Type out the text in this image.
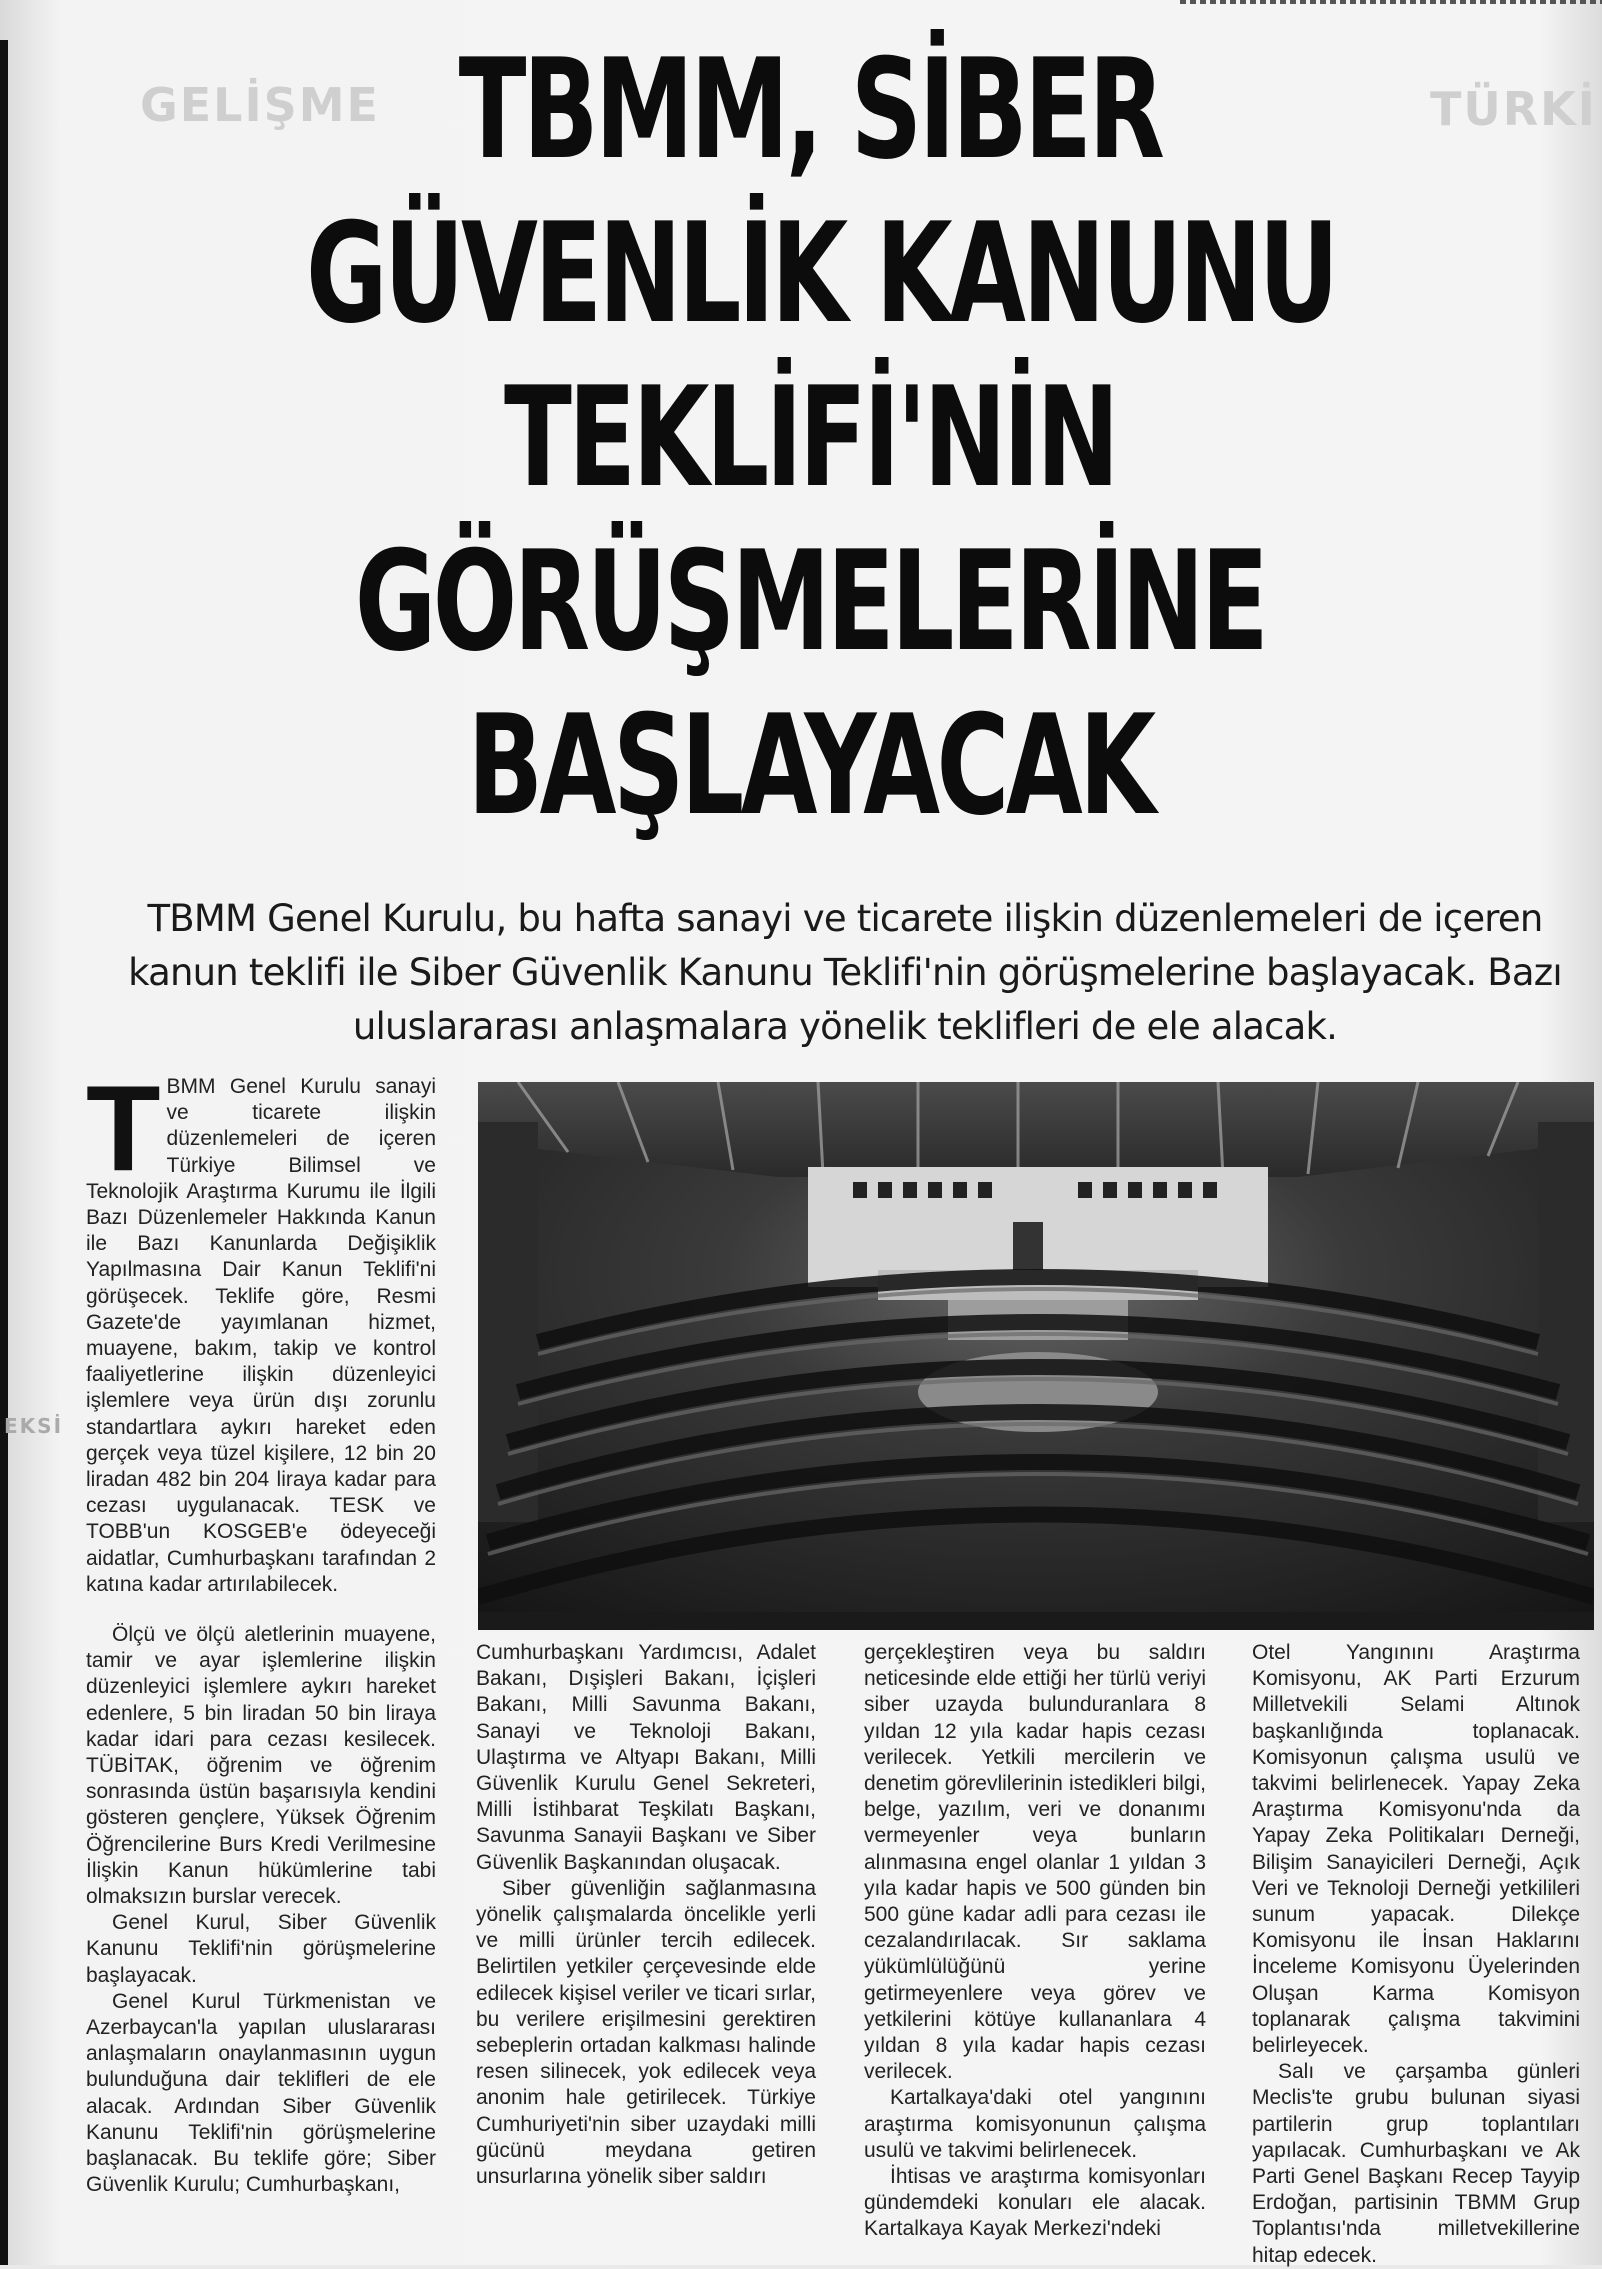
GELİŞME	TÜRKİ
EKSİ
TBMM, SİBER
GÜVENLİK KANUNU
TEKLİFİ'NİN
GÖRÜŞMELERİNE
BAŞLAYACAK

TBMM Genel Kurulu, bu hafta sanayi ve ticarete ilişkin düzenlemeleri de içeren kanun teklifi ile Siber Güvenlik Kanunu Teklifi'nin görüşmelerine başlayacak. Bazı uluslararası anlaşmalara yönelik teklifleri de ele alacak.

TBMM Genel Kurulu sanayi ve ticarete ilişkin düzenlemeleri de içeren Türkiye Bilimsel ve Teknolojik Araştırma Kurumu ile İlgili Bazı Düzenlemeler Hakkında Kanun ile Bazı Kanunlarda Değişiklik Yapılmasına Dair Kanun Teklifi'ni görüşecek. Teklife göre, Resmi Gazete'de yayımlanan hizmet, muayene, bakım, takip ve kontrol faaliyetlerine ilişkin düzenleyici işlemlere veya ürün dışı zorunlu standartlara aykırı hareket eden gerçek veya tüzel kişilere, 12 bin 20 liradan 482 bin 204 liraya kadar para cezası uygulanacak. TESK ve TOBB'un KOSGEB'e ödeyeceği aidatlar, Cumhurbaşkanı tarafından 2 katına kadar artırılabilecek.

Ölçü ve ölçü aletlerinin muayene, tamir ve ayar işlemlerine ilişkin düzenleyici işlemlere aykırı hareket edenlere, 5 bin liradan 50 bin liraya kadar idari para cezası kesilecek. TÜBİTAK, öğrenim ve öğrenim sonrasında üstün başarısıyla kendini gösteren gençlere, Yüksek Öğrenim Öğrencilerine Burs Kredi Verilmesine İlişkin Kanun hükümlerine tabi olmaksızın burslar verecek.

Genel Kurul, Siber Güvenlik Kanunu Teklifi'nin görüşmelerine başlayacak.

Genel Kurul Türkmenistan ve Azerbaycan'la yapılan uluslararası anlaşmaların onaylanmasının uygun bulunduğuna dair teklifleri de ele alacak. Ardından Siber Güvenlik Kanunu Teklifi'nin görüşmelerine başlanacak. Bu teklife göre; Siber Güvenlik Kurulu; Cumhurbaşkanı,

Cumhurbaşkanı Yardımcısı, Adalet Bakanı, Dışişleri Bakanı, İçişleri Bakanı, Milli Savunma Bakanı, Sanayi ve Teknoloji Bakanı, Ulaştırma ve Altyapı Bakanı, Milli Güvenlik Kurulu Genel Sekreteri, Milli İstihbarat Teşkilatı Başkanı, Savunma Sanayii Başkanı ve Siber Güvenlik Başkanından oluşacak.

Siber güvenliğin sağlanmasına yönelik çalışmalarda öncelikle yerli ve milli ürünler tercih edilecek. Belirtilen yetkiler çerçevesinde elde edilecek kişisel veriler ve ticari sırlar, bu verilere erişilmesini gerektiren sebeplerin ortadan kalkması halinde resen silinecek, yok edilecek veya anonim hale getirilecek. Türkiye Cumhuriyeti'nin siber uzaydaki milli gücünü meydana getiren unsurlarına yönelik siber saldırı

gerçekleştiren veya bu saldırı neticesinde elde ettiği her türlü veriyi siber uzayda bulunduranlara 8 yıldan 12 yıla kadar hapis cezası verilecek. Yetkili mercilerin ve denetim görevlilerinin istedikleri bilgi, belge, yazılım, veri ve donanımı vermeyenler veya bunların alınmasına engel olanlar 1 yıldan 3 yıla kadar hapis ve 500 günden bin 500 güne kadar adli para cezası ile cezalandırılacak. Sır saklama yükümlülüğünü yerine getirmeyenlere veya görev ve yetkilerini kötüye kullananlara 4 yıldan 8 yıla kadar hapis cezası verilecek.

Kartalkaya'daki otel yangınını araştırma komisyonunun çalışma usulü ve takvimi belirlenecek.

İhtisas ve araştırma komisyonları gündemdeki konuları ele alacak. Kartalkaya Kayak Merkezi'ndeki

Otel Yangınını Araştırma Komisyonu, AK Parti Erzurum Milletvekili Selami Altınok başkanlığında toplanacak. Komisyonun çalışma usulü ve takvimi belirlenecek. Yapay Zeka Araştırma Komisyonu'nda da Yapay Zeka Politikaları Derneği, Bilişim Sanayicileri Derneği, Açık Veri ve Teknoloji Derneği yetkilileri sunum yapacak. Dilekçe Komisyonu ile İnsan Haklarını İnceleme Komisyonu Üyelerinden Oluşan Karma Komisyon toplanarak çalışma takvimini belirleyecek.

Salı ve çarşamba günleri Meclis'te grubu bulunan siyasi partilerin grup toplantıları yapılacak. Cumhurbaşkanı ve Ak Parti Genel Başkanı Recep Tayyip Erdoğan, partisinin TBMM Grup Toplantısı'nda milletvekillerine hitap edecek.
